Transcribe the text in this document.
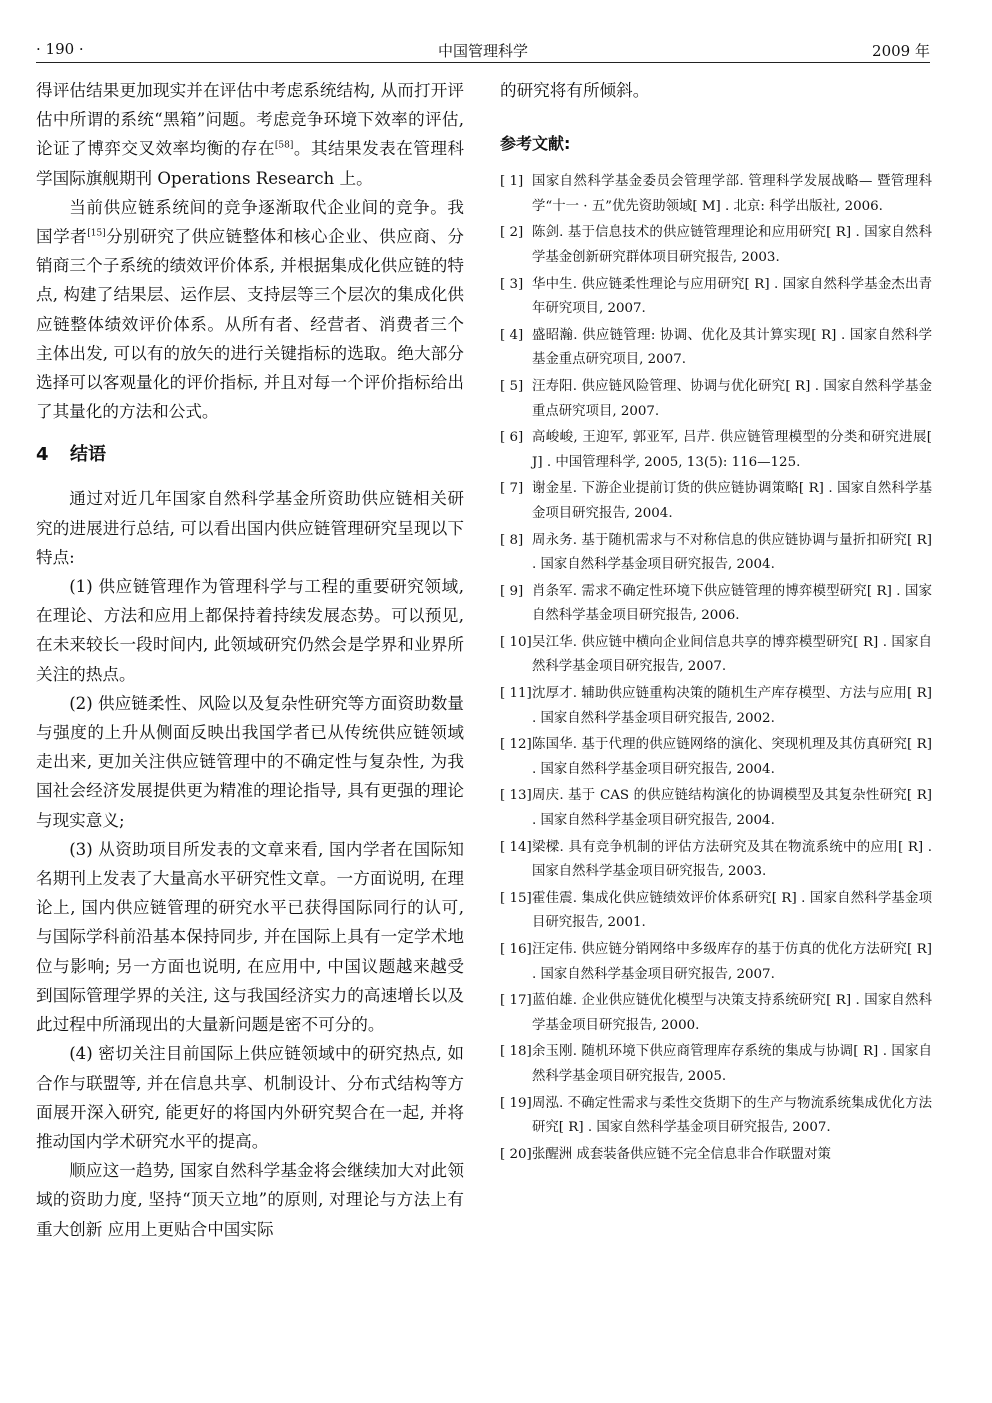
· 190 ·	中国管理科学	2009 年

得评估结果更加现实并在评估中考虑系统结构, 从而打开评估中所谓的系统“黑箱”问题。考虑竞争环境下效率的评估, 论证了博弈交叉效率均衡的存在[58]。其结果发表在管理科学国际旗舰期刊 Operations Research 上。

当前供应链系统间的竞争逐渐取代企业间的竞争。我国学者[15]分别研究了供应链整体和核心企业、供应商、分销商三个子系统的绩效评价体系, 并根据集成化供应链的特点, 构建了结果层、运作层、支持层等三个层次的集成化供应链整体绩效评价体系。从所有者、经营者、消费者三个主体出发, 可以有的放矢的进行关键指标的选取。绝大部分选择可以客观量化的评价指标, 并且对每一个评价指标给出了其量化的方法和公式。

4 结语

通过对近几年国家自然科学基金所资助供应链相关研究的进展进行总结, 可以看出国内供应链管理研究呈现以下特点:

(1) 供应链管理作为管理科学与工程的重要研究领域, 在理论、方法和应用上都保持着持续发展态势。可以预见, 在未来较长一段时间内, 此领域研究仍然会是学界和业界所关注的热点。

(2) 供应链柔性、风险以及复杂性研究等方面资助数量与强度的上升从侧面反映出我国学者已从传统供应链领域走出来, 更加关注供应链管理中的不确定性与复杂性, 为我国社会经济发展提供更为精准的理论指导, 具有更强的理论与现实意义;

(3) 从资助项目所发表的文章来看, 国内学者在国际知名期刊上发表了大量高水平研究性文章。一方面说明, 在理论上, 国内供应链管理的研究水平已获得国际同行的认可, 与国际学科前沿基本保持同步, 并在国际上具有一定学术地位与影响; 另一方面也说明, 在应用中, 中国议题越来越受到国际管理学界的关注, 这与我国经济实力的高速增长以及此过程中所涌现出的大量新问题是密不可分的。

(4) 密切关注目前国际上供应链领域中的研究热点, 如合作与联盟等, 并在信息共享、机制设计、分布式结构等方面展开深入研究, 能更好的将国内外研究契合在一起, 并将推动国内学术研究水平的提高。

顺应这一趋势, 国家自然科学基金将会继续加大对此领域的资助力度, 坚持“顶天立地”的原则, 对理论与方法上有重大创新 应用上更贴合中国实际

的研究将有所倾斜。

参考文献:

[ 1] 国家自然科学基金委员会管理学部. 管理科学发展战略— 暨管理科学“十一 · 五”优先资助领域[ M] . 北京: 科学出版社, 2006.

[ 2] 陈剑. 基于信息技术的供应链管理理论和应用研究[ R] . 国家自然科学基金创新研究群体项目研究报告, 2003.

[ 3] 华中生. 供应链柔性理论与应用研究[ R] . 国家自然科学基金杰出青年研究项目, 2007.

[ 4] 盛昭瀚. 供应链管理: 协调、优化及其计算实现[ R] . 国家自然科学基金重点研究项目, 2007.

[ 5] 汪寿阳. 供应链风险管理、协调与优化研究[ R] . 国家自然科学基金重点研究项目, 2007.

[ 6] 高峻峻, 王迎军, 郭亚军, 吕芹. 供应链管理模型的分类和研究进展[ J] . 中国管理科学, 2005, 13(5): 116—125.

[ 7] 谢金星. 下游企业提前订货的供应链协调策略[ R] . 国家自然科学基金项目研究报告, 2004.

[ 8] 周永务. 基于随机需求与不对称信息的供应链协调与量折扣研究[ R] . 国家自然科学基金项目研究报告, 2004.

[ 9] 肖条军. 需求不确定性环境下供应链管理的博弈模型研究[ R] . 国家自然科学基金项目研究报告, 2006.

[ 10] 吴江华. 供应链中横向企业间信息共享的博弈模型研究[ R] . 国家自然科学基金项目研究报告, 2007.

[ 11] 沈厚才. 辅助供应链重构决策的随机生产库存模型、方法与应用[ R] . 国家自然科学基金项目研究报告, 2002.

[ 12] 陈国华. 基于代理的供应链网络的演化、突现机理及其仿真研究[ R] . 国家自然科学基金项目研究报告, 2004.

[ 13] 周庆. 基于 CAS 的供应链结构演化的协调模型及其复杂性研究[ R] . 国家自然科学基金项目研究报告, 2004.

[ 14] 梁樑. 具有竞争机制的评估方法研究及其在物流系统中的应用[ R] . 国家自然科学基金项目研究报告, 2003.

[ 15] 霍佳震. 集成化供应链绩效评价体系研究[ R] . 国家自然科学基金项目研究报告, 2001.

[ 16] 汪定伟. 供应链分销网络中多级库存的基于仿真的优化方法研究[ R] . 国家自然科学基金项目研究报告, 2007.

[ 17] 蓝伯雄. 企业供应链优化模型与决策支持系统研究[ R] . 国家自然科学基金项目研究报告, 2000.

[ 18] 余玉刚. 随机环境下供应商管理库存系统的集成与协调[ R] . 国家自然科学基金项目研究报告, 2005.

[ 19] 周泓. 不确定性需求与柔性交货期下的生产与物流系统集成优化方法研究[ R] . 国家自然科学基金项目研究报告, 2007.

[ 20] 张醒洲 成套装备供应链不完全信息非合作联盟对策
